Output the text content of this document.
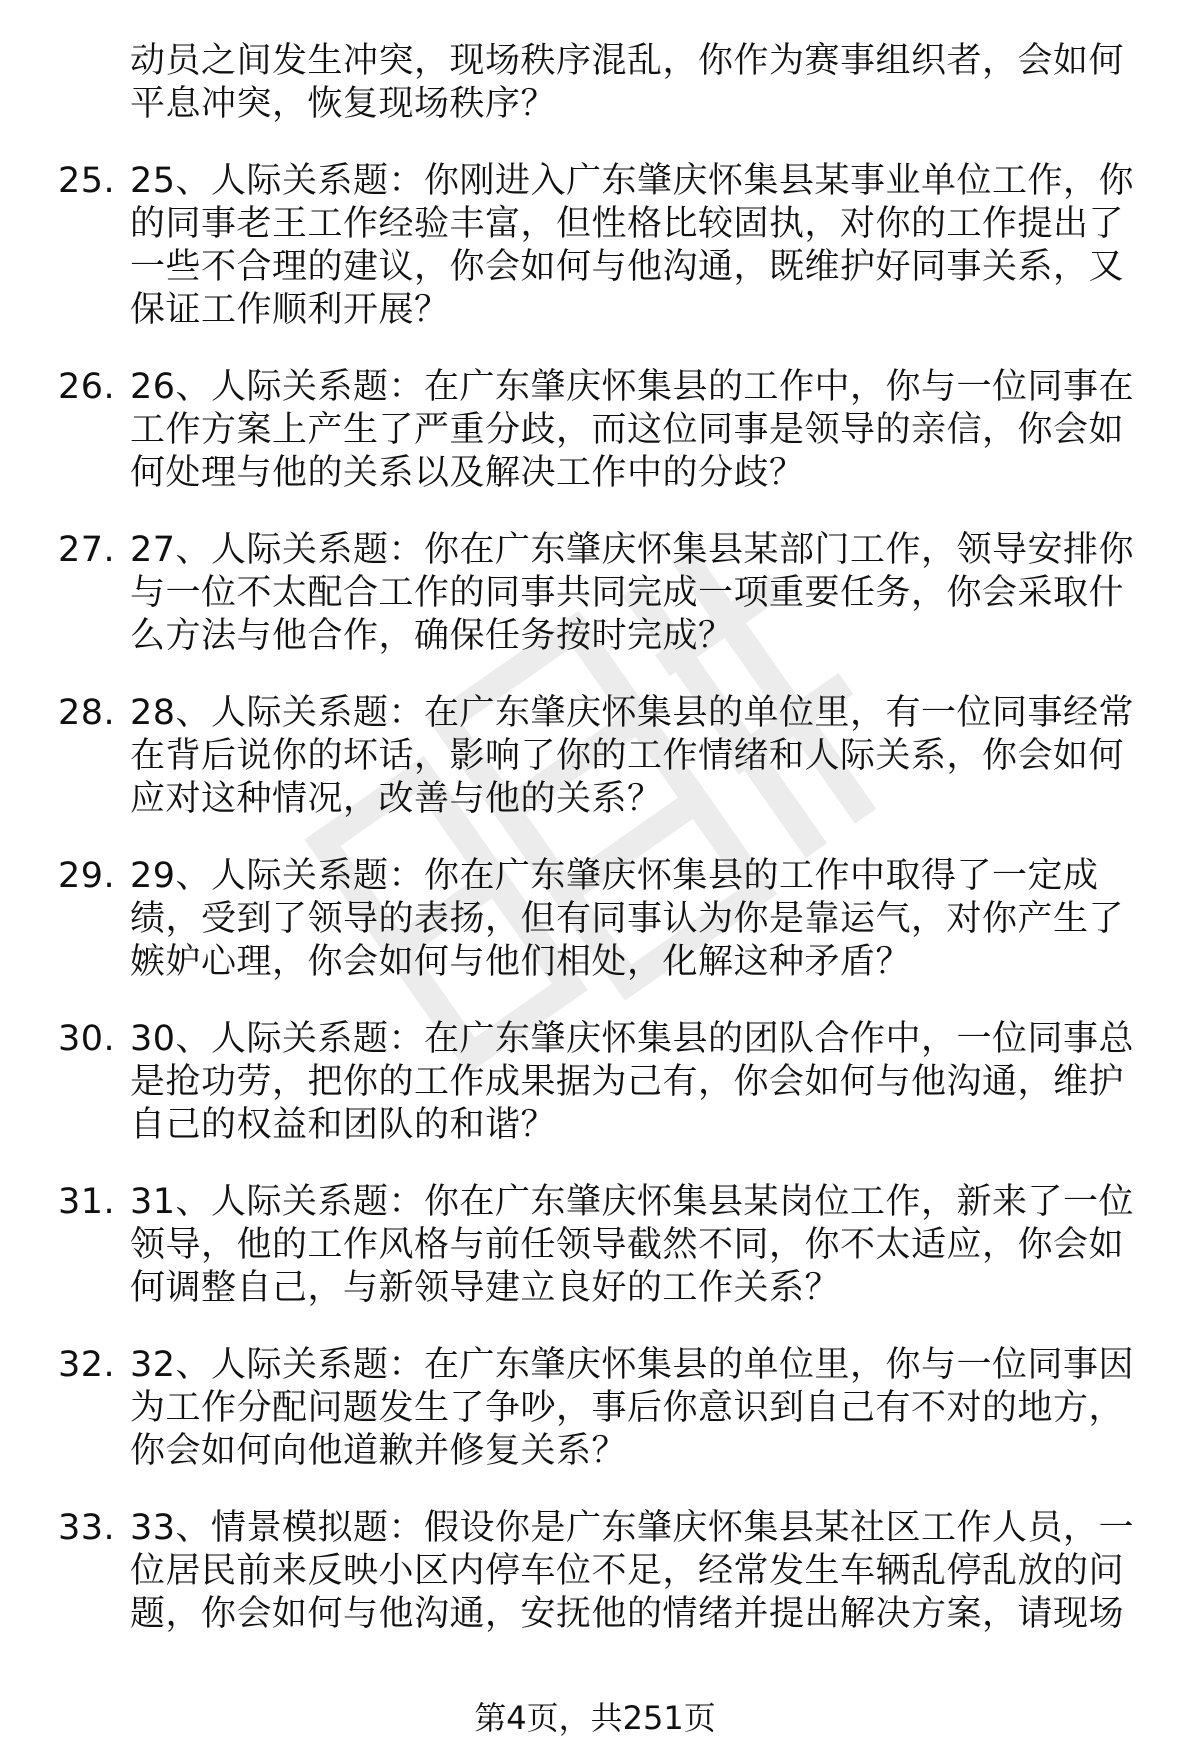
动员之间发生冲突，现场秩序混乱，你作为赛事组织者，会如何平息冲突，恢复现场秩序？
25. 25、人际关系题：你刚进入广东肇庆怀集县某事业单位工作，你的同事老王工作经验丰富，但性格比较固执，对你的工作提出了一些不合理的建议，你会如何与他沟通，既维护好同事关系，又保证工作顺利开展？
26. 26、人际关系题：在广东肇庆怀集县的工作中，你与一位同事在工作方案上产生了严重分歧，而这位同事是领导的亲信，你会如何处理与他的关系以及解决工作中的分歧？
27. 27、人际关系题：你在广东肇庆怀集县某部门工作，领导安排你与一位不太配合工作的同事共同完成一项重要任务，你会采取什么方法与他合作，确保任务按时完成？
28. 28、人际关系题：在广东肇庆怀集县的单位里，有一位同事经常在背后说你的坏话，影响了你的工作情绪和人际关系，你会如何应对这种情况，改善与他的关系？
29. 29、人际关系题：你在广东肇庆怀集县的工作中取得了一定成绩，受到了领导的表扬，但有同事认为你是靠运气，对你产生了嫉妒心理，你会如何与他们相处，化解这种矛盾？
30. 30、人际关系题：在广东肇庆怀集县的团队合作中，一位同事总是抢功劳，把你的工作成果据为己有，你会如何与他沟通，维护自己的权益和团队的和谐？
31. 31、人际关系题：你在广东肇庆怀集县某岗位工作，新来了一位领导，他的工作风格与前任领导截然不同，你不太适应，你会如何调整自己，与新领导建立良好的工作关系？
32. 32、人际关系题：在广东肇庆怀集县的单位里，你与一位同事因为工作分配问题发生了争吵，事后你意识到自己有不对的地方，你会如何向他道歉并修复关系？
33. 33、情景模拟题：假设你是广东肇庆怀集县某社区工作人员，一位居民前来反映小区内停车位不足，经常发生车辆乱停乱放的问题，你会如何与他沟通，安抚他的情绪并提出解决方案，请现场
第4页，共251页
